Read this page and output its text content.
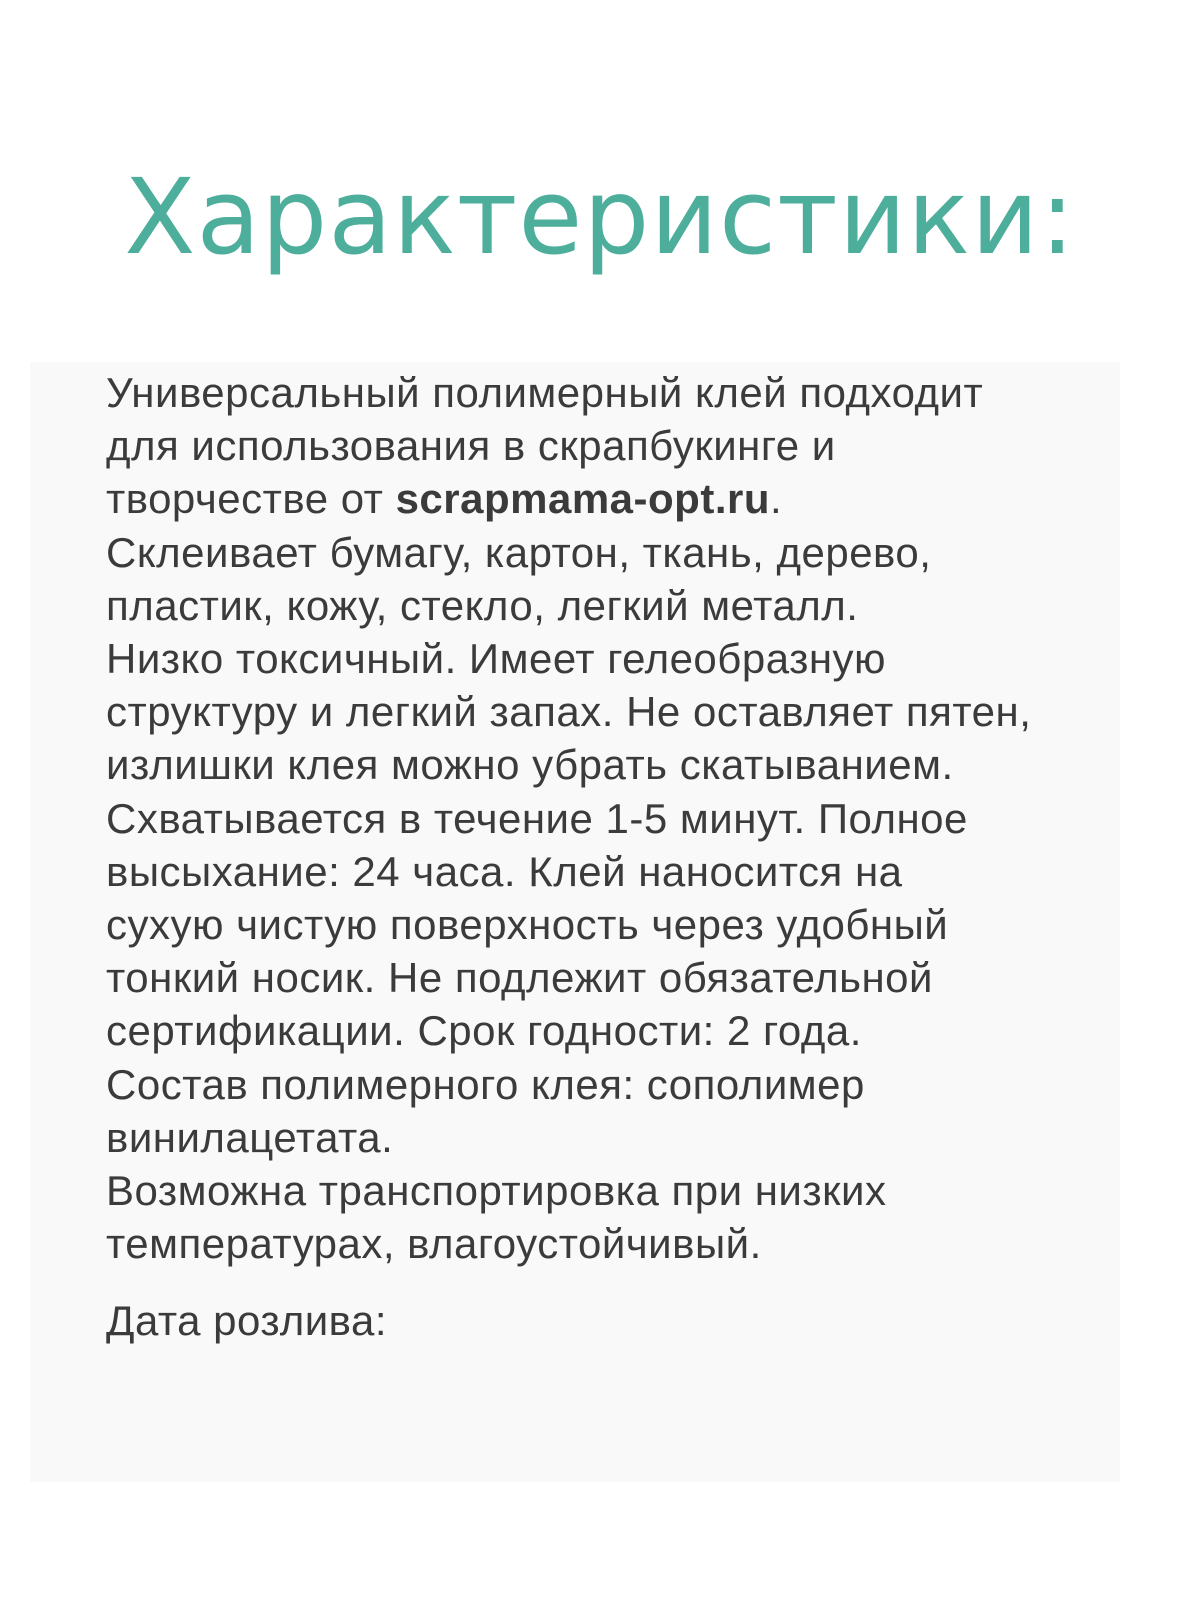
Характеристики:
Универсальный полимерный клей подходит
для использования в скрапбукинге и
творчестве от scrapmama-opt.ru.
Склеивает бумагу, картон, ткань, дерево,
пластик, кожу, стекло, легкий металл.
Низко токсичный. Имеет гелеобразную
структуру и легкий запах. Не оставляет пятен,
излишки клея можно убрать скатыванием.
Схватывается в течение 1-5 минут. Полное
высыхание: 24 часа. Клей наносится на
сухую чистую поверхность через удобный
тонкий носик. Не подлежит обязательной
сертификации. Срок годности: 2 года.
Состав полимерного клея: сополимер
винилацетата.
Возможна транспортировка при низких
температурах, влагоустойчивый.

Дата розлива:
